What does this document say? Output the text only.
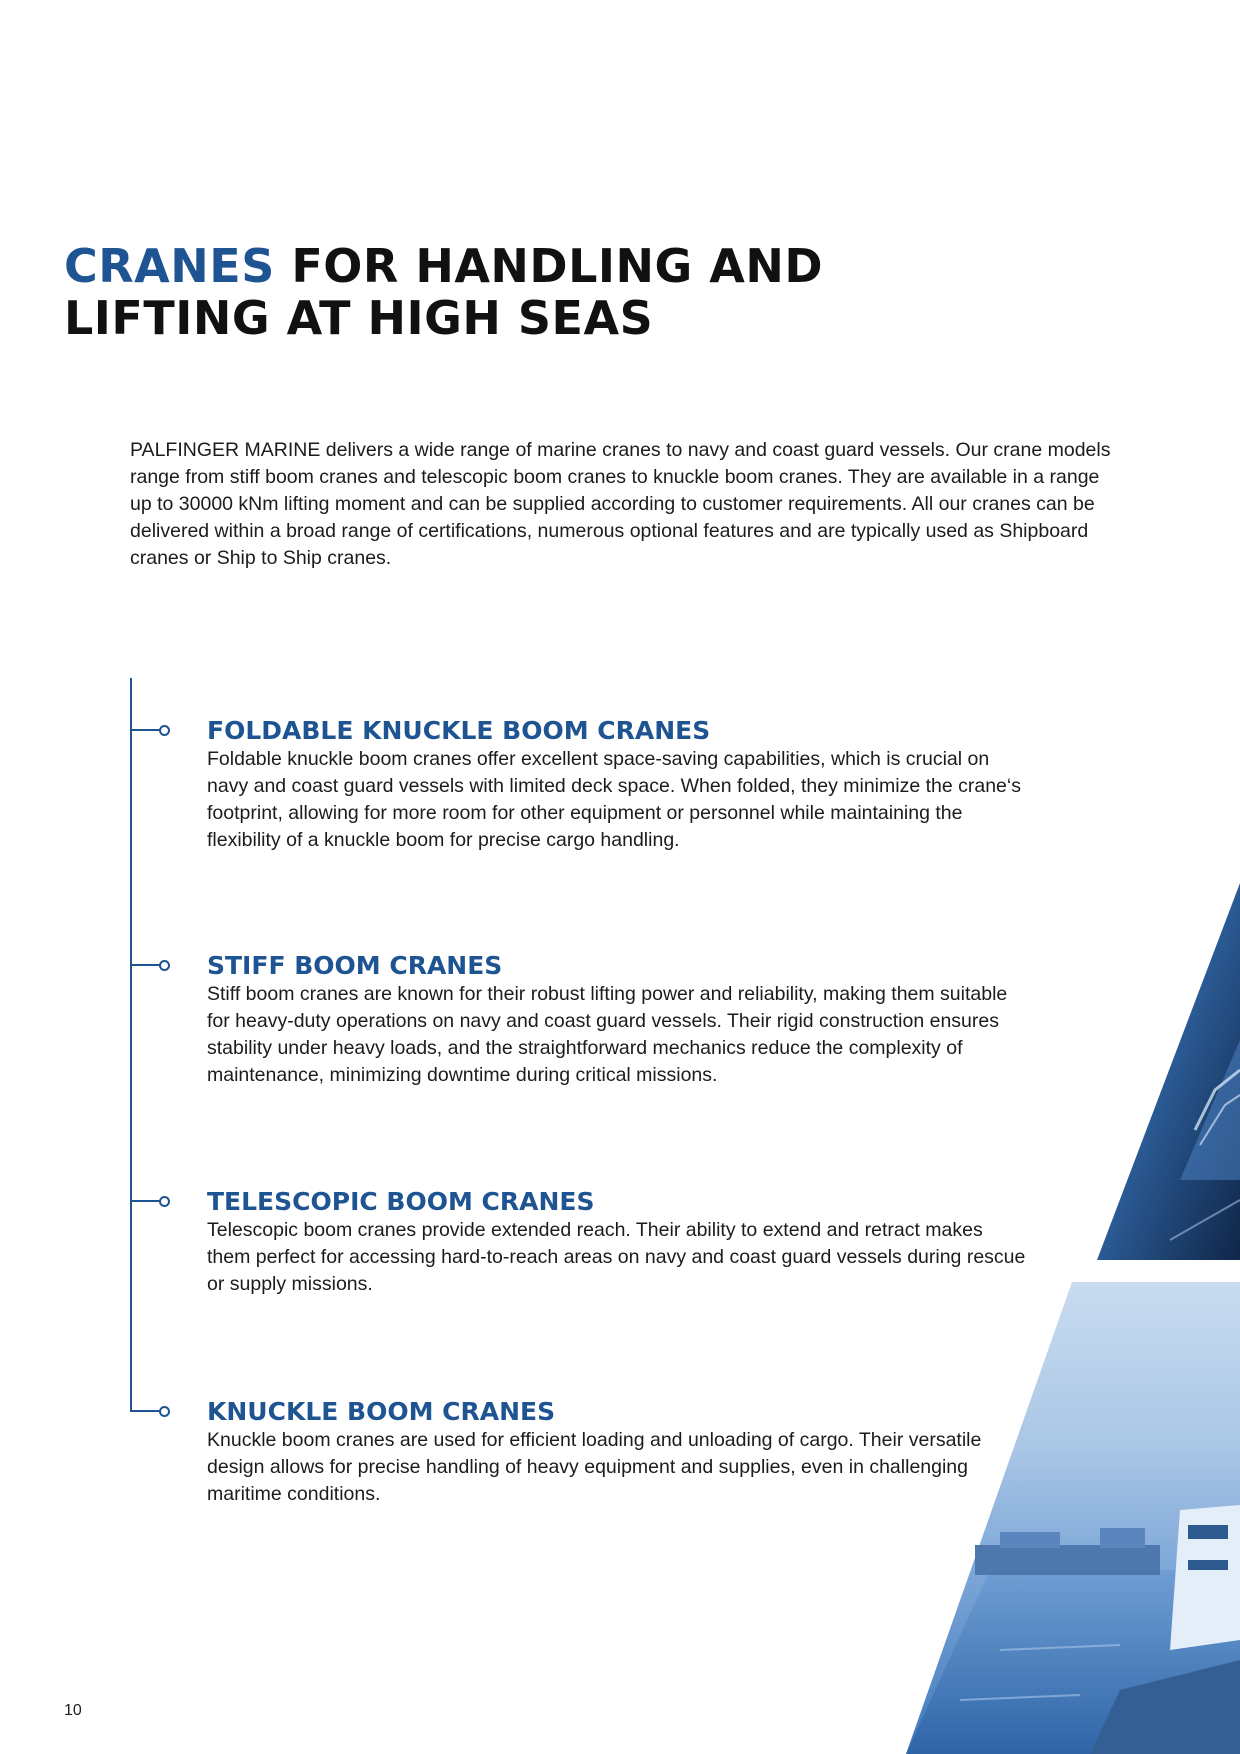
CRANES FOR HANDLING AND
LIFTING AT HIGH SEAS

PALFINGER MARINE delivers a wide range of marine cranes to navy and coast guard vessels. Our crane models range from stiff boom cranes and telescopic boom cranes to knuckle boom cranes. They are available in a range up to 30000 kNm lifting moment and can be supplied according to customer requirements. All our cranes can be delivered within a broad range of certifications, numerous optional features and are typically used as Shipboard cranes or Ship to Ship cranes.

FOLDABLE KNUCKLE BOOM CRANES

Foldable knuckle boom cranes offer excellent space-saving capabilities, which is crucial on navy and coast guard vessels with limited deck space. When folded, they minimize the crane‘s footprint, allowing for more room for other equipment or personnel while maintaining the flexibility of a knuckle boom for precise cargo handling.

STIFF BOOM CRANES

Stiff boom cranes are known for their robust lifting power and reliability, making them suitable for heavy-duty operations on navy and coast guard vessels. Their rigid construction ensures stability under heavy loads, and the straightforward mechanics reduce the complexity of maintenance, minimizing downtime during critical missions.

TELESCOPIC BOOM CRANES

Telescopic boom cranes provide extended reach. Their ability to extend and retract makes them perfect for accessing hard-to-reach areas on navy and coast guard vessels during rescue or supply missions.

KNUCKLE BOOM CRANES

Knuckle boom cranes are used for efficient loading and unloading of cargo. Their versatile design allows for precise handling of heavy equipment and supplies, even in challenging maritime conditions.

10
